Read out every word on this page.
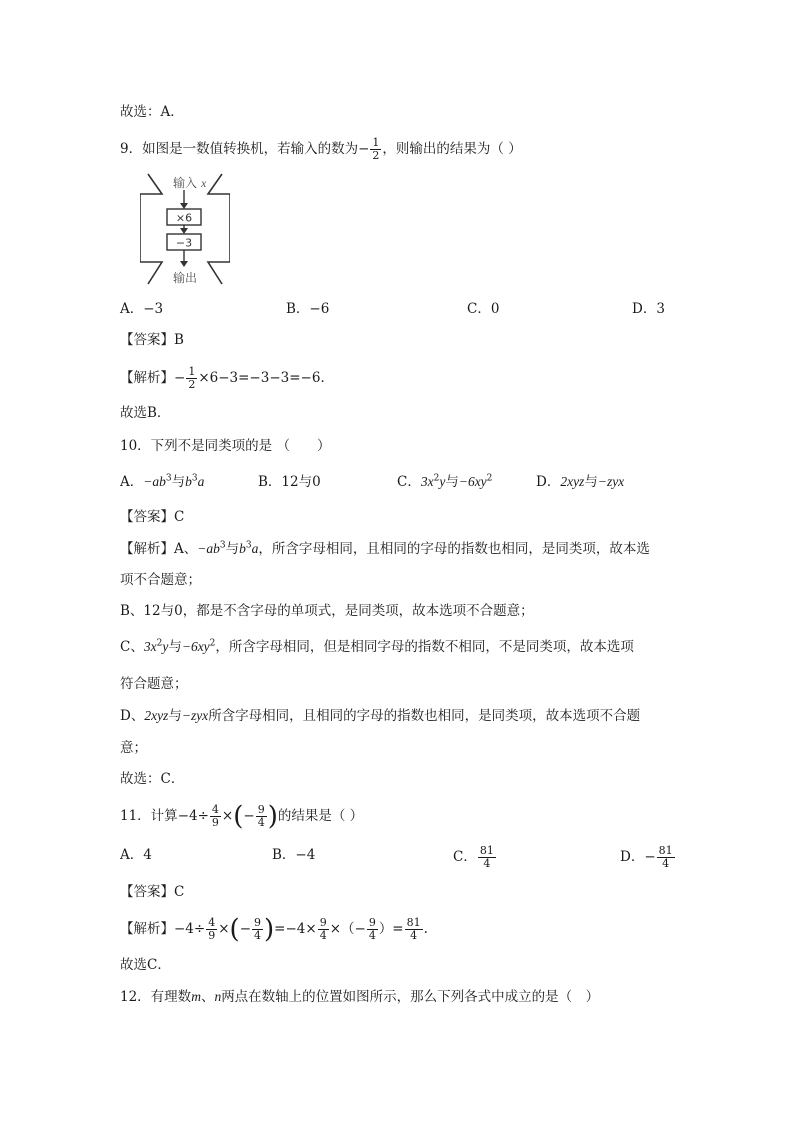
故选：A．
9．如图是一数值转换机，若输入的数为− $\frac{1}{2}$ ，则输出的结果为（ ）
输入 x
×6
−3
输出
A．−3	B．−6	C．0	D．3
【答案】B
【解析】− $\frac{1}{2} \times 6-3=-3-3=-6$．
故选B．
10．下列不是同类项的是 （　　）
A．$-ab^3$与$b^3a$	B．12与0	C．$3x^2y$与$-6xy^2$	D．2xyz与−zyx
【答案】C
【解析】A、$-ab^3$与$b^3a$，所含字母相同，且相同的字母的指数也相同，是同类项，故本选
项不合题意；
B、12与0，都是不含字母的单项式，是同类项，故本选项不合题意；
C、$3x^2y$与$-6xy^2$，所含字母相同，但是相同字母的指数不相同，不是同类项，故本选项
符合题意；
D、2xyz与−zyx所含字母相同，且相同的字母的指数也相同，是同类项，故本选项不合题
意；
故选：C．
11．计算$-4\div \frac{4}{9}$ ×(− $\frac{9}{4}$ )的结果是（ ）
A．4	B．−4	C． $\frac{81}{4}$	D．− $\frac{81}{4}$
【答案】C
【解析】$-4\div \frac{4}{9}$ ×(− $\frac{9}{4} )=-4\times \frac{9}{4}$ ×（− $\frac{9}{4}$ ）= $\frac{81}{4}$ .
故选C．
12．有理数m、n两点在数轴上的位置如图所示，那么下列各式中成立的是（　）
